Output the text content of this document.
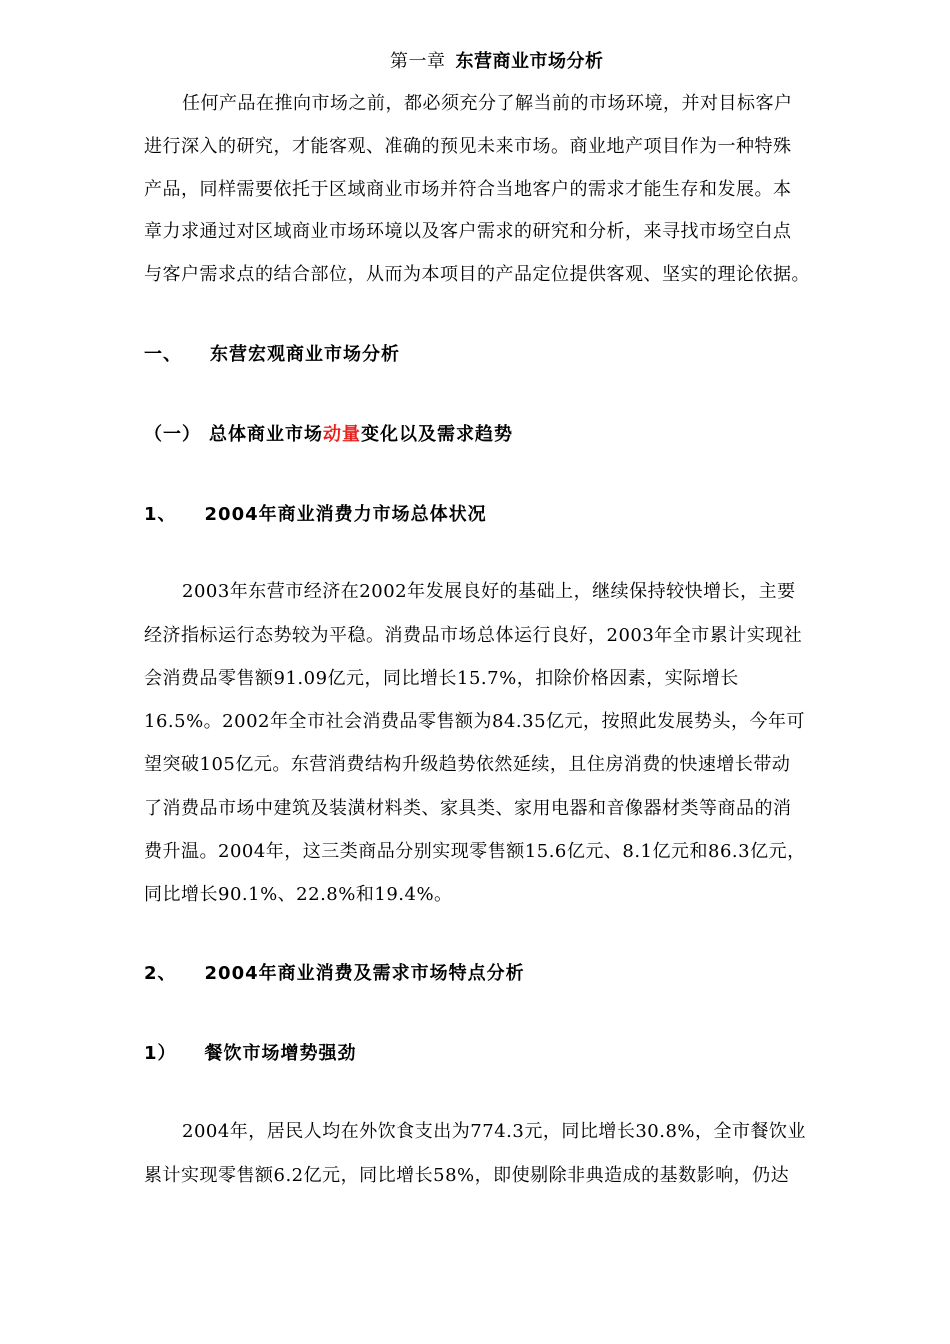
第一章 东营商业市场分析

任何产品在推向市场之前，都必须充分了解当前的市场环境，并对目标客户

进行深入的研究，才能客观、准确的预见未来市场。商业地产项目作为一种特殊

产品，同样需要依托于区域商业市场并符合当地客户的需求才能生存和发展。本

章力求通过对区域商业市场环境以及客户需求的研究和分析，来寻找市场空白点

与客户需求点的结合部位，从而为本项目的产品定位提供客观、坚实的理论依据。

一、 东营宏观商业市场分析

（一） 总体商业市场动量变化以及需求趋势

1、 2004年商业消费力市场总体状况

2003年东营市经济在2002年发展良好的基础上，继续保持较快增长，主要

经济指标运行态势较为平稳。消费品市场总体运行良好，2003年全市累计实现社

会消费品零售额91.09亿元，同比增长15.7%，扣除价格因素，实际增长

16.5%。2002年全市社会消费品零售额为84.35亿元，按照此发展势头，今年可

望突破105亿元。东营消费结构升级趋势依然延续，且住房消费的快速增长带动

了消费品市场中建筑及装潢材料类、家具类、家用电器和音像器材类等商品的消

费升温。2004年，这三类商品分别实现零售额15.6亿元、8.1亿元和86.3亿元，

同比增长90.1%、22.8%和19.4%。

2、 2004年商业消费及需求市场特点分析

1） 餐饮市场增势强劲

2004年，居民人均在外饮食支出为774.3元，同比增长30.8%，全市餐饮业

累计实现零售额6.2亿元，同比增长58%，即使剔除非典造成的基数影响，仍达
